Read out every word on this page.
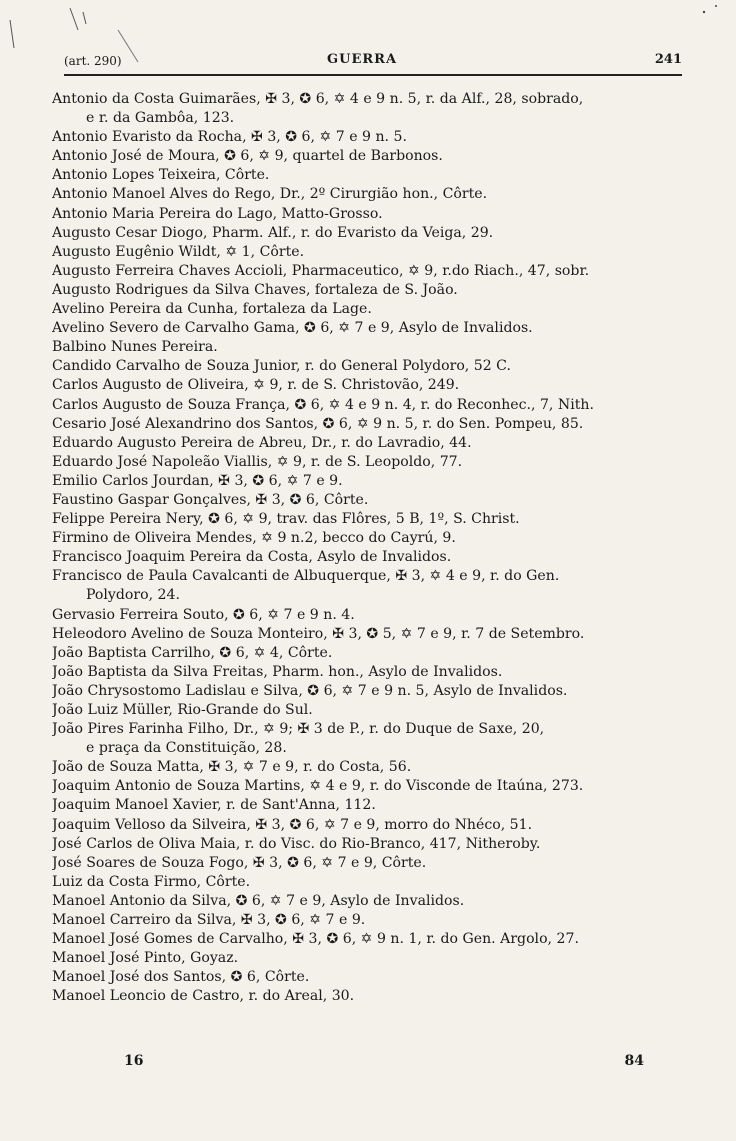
(art. 290)	GUERRA	241
Antonio da Costa Guimarães, ✠ 3, ✪ 6, ✡ 4 e 9 n. 5, r. da Alf., 28, sobrado,
e r. da Gambôa, 123.
Antonio Evaristo da Rocha, ✠ 3, ✪ 6, ✡ 7 e 9 n. 5.
Antonio José de Moura, ✪ 6, ✡ 9, quartel de Barbonos.
Antonio Lopes Teixeira, Côrte.
Antonio Manoel Alves do Rego, Dr., 2º Cirurgião hon., Côrte.
Antonio Maria Pereira do Lago, Matto-Grosso.
Augusto Cesar Diogo, Pharm. Alf., r. do Evaristo da Veiga, 29.
Augusto Eugênio Wildt, ✡ 1, Côrte.
Augusto Ferreira Chaves Accioli, Pharmaceutico, ✡ 9, r.do Riach., 47, sobr.
Augusto Rodrigues da Silva Chaves, fortaleza de S. João.
Avelino Pereira da Cunha, fortaleza da Lage.
Avelino Severo de Carvalho Gama, ✪ 6, ✡ 7 e 9, Asylo de Invalidos.
Balbino Nunes Pereira.
Candido Carvalho de Souza Junior, r. do General Polydoro, 52 C.
Carlos Augusto de Oliveira, ✡ 9, r. de S. Christovão, 249.
Carlos Augusto de Souza França, ✪ 6, ✡ 4 e 9 n. 4, r. do Reconhec., 7, Nith.
Cesario José Alexandrino dos Santos, ✪ 6, ✡ 9 n. 5, r. do Sen. Pompeu, 85.
Eduardo Augusto Pereira de Abreu, Dr., r. do Lavradio, 44.
Eduardo José Napoleão Viallis, ✡ 9, r. de S. Leopoldo, 77.
Emilio Carlos Jourdan, ✠ 3, ✪ 6, ✡ 7 e 9.
Faustino Gaspar Gonçalves, ✠ 3, ✪ 6, Côrte.
Felippe Pereira Nery, ✪ 6, ✡ 9, trav. das Flôres, 5 B, 1º, S. Christ.
Firmino de Oliveira Mendes, ✡ 9 n.2, becco do Cayrú, 9.
Francisco Joaquim Pereira da Costa, Asylo de Invalidos.
Francisco de Paula Cavalcanti de Albuquerque, ✠ 3, ✡ 4 e 9, r. do Gen.
Polydoro, 24.
Gervasio Ferreira Souto, ✪ 6, ✡ 7 e 9 n. 4.
Heleodoro Avelino de Souza Monteiro, ✠ 3, ✪ 5, ✡ 7 e 9, r. 7 de Setembro.
João Baptista Carrilho, ✪ 6, ✡ 4, Côrte.
João Baptista da Silva Freitas, Pharm. hon., Asylo de Invalidos.
João Chrysostomo Ladislau e Silva, ✪ 6, ✡ 7 e 9 n. 5, Asylo de Invalidos.
João Luiz Müller, Rio-Grande do Sul.
João Pires Farinha Filho, Dr., ✡ 9; ✠ 3 de P., r. do Duque de Saxe, 20,
e praça da Constituição, 28.
João de Souza Matta, ✠ 3, ✡ 7 e 9, r. do Costa, 56.
Joaquim Antonio de Souza Martins, ✡ 4 e 9, r. do Visconde de Itaúna, 273.
Joaquim Manoel Xavier, r. de Sant'Anna, 112.
Joaquim Velloso da Silveira, ✠ 3, ✪ 6, ✡ 7 e 9, morro do Nhéco, 51.
José Carlos de Oliva Maia, r. do Visc. do Rio-Branco, 417, Nitheroby.
José Soares de Souza Fogo, ✠ 3, ✪ 6, ✡ 7 e 9, Côrte.
Luiz da Costa Firmo, Côrte.
Manoel Antonio da Silva, ✪ 6, ✡ 7 e 9, Asylo de Invalidos.
Manoel Carreiro da Silva, ✠ 3, ✪ 6, ✡ 7 e 9.
Manoel José Gomes de Carvalho, ✠ 3, ✪ 6, ✡ 9 n. 1, r. do Gen. Argolo, 27.
Manoel José Pinto, Goyaz.
Manoel José dos Santos, ✪ 6, Côrte.
Manoel Leoncio de Castro, r. do Areal, 30.
16	84
